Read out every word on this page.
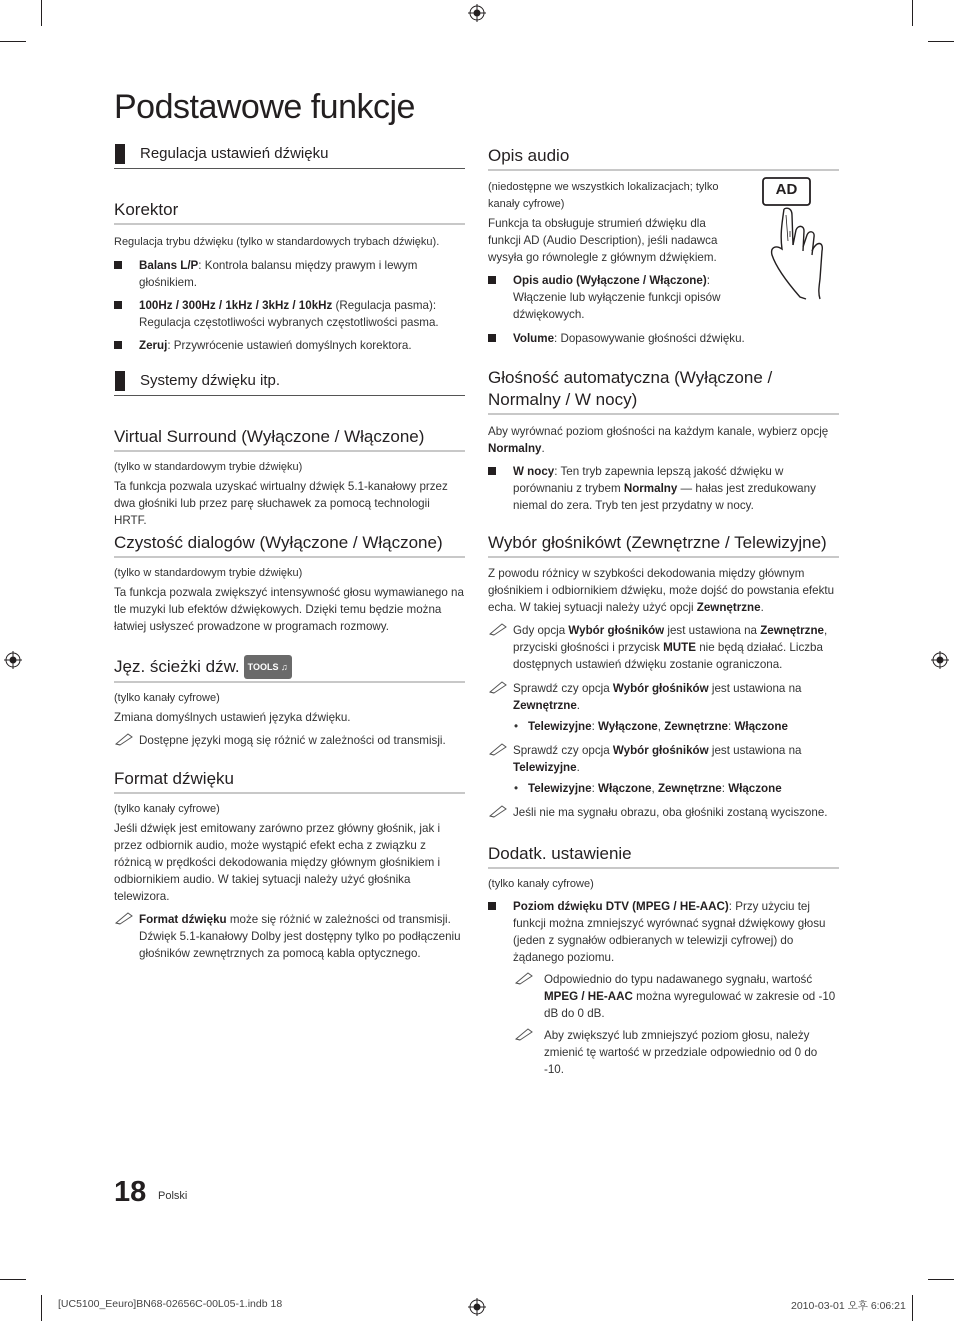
Podstawowe funkcje
Regulacja ustawień dźwięku
Korektor

Regulacja trybu dźwięku (tylko w standardowych trybach dźwięku).

Balans L/P: Kontrola balansu między prawym i lewym głośnikiem.
100Hz / 300Hz / 1kHz / 3kHz / 10kHz (Regulacja pasma): Regulacja częstotliwości wybranych częstotliwości pasma.
Zeruj: Przywrócenie ustawień domyślnych korektora.
Systemy dźwięku itp.
Virtual Surround (Wyłączone / Włączone)

(tylko w standardowym trybie dźwięku)

Ta funkcja pozwala uzyskać wirtualny dźwięk 5.1-kanałowy przez dwa głośniki lub przez parę słuchawek za pomocą technologii HRTF.

Czystość dialogów (Wyłączone / Włączone)

(tylko w standardowym trybie dźwięku)

Ta funkcja pozwala zwiększyć intensywność głosu wymawianego na tle muzyki lub efektów dźwiękowych. Dzięki temu będzie można łatwiej usłyszeć prowadzone w programach rozmowy.

Jęz. ścieżki dźw. TOOLS ♫

(tylko kanały cyfrowe)

Zmiana domyślnych ustawień języka dźwięku.

Dostępne języki mogą się różnić w zależności od transmisji.
Format dźwięku

(tylko kanały cyfrowe)

Jeśli dźwięk jest emitowany zarówno przez główny głośnik, jak i przez odbiornik audio, może wystąpić efekt echa z związku z różnicą w prędkości dekodowania między głównym głośnikiem i odbiornikiem audio. W takiej sytuacji należy użyć głośnika telewizora.

Format dźwięku może się różnić w zależności od transmisji. Dźwięk 5.1-kanałowy Dolby jest dostępny tylko po podłączeniu głośników zewnętrznych za pomocą kabla optycznego.
Opis audio

(niedostępne we wszystkich lokalizacjach; tylko kanały cyfrowe)

Funkcja ta obsługuje strumień dźwięku dla funkcji AD (Audio Description), jeśli nadawca wysyła go równolegle z głównym dźwiękiem.

Opis audio (Wyłączone / Włączone): Włączenie lub wyłączenie funkcji opisów dźwiękowych.
Volume: Dopasowywanie głośności dźwięku.
AD
Głośność automatyczna (Wyłączone / Normalny / W nocy)

Aby wyrównać poziom głośności na każdym kanale, wybierz opcję Normalny.

W nocy: Ten tryb zapewnia lepszą jakość dźwięku w porównaniu z trybem Normalny — hałas jest zredukowany niemal do zera. Tryb ten jest przydatny w nocy.
Wybór głośnikówt (Zewnętrzne / Telewizyjne)

Z powodu różnicy w szybkości dekodowania między głównym głośnikiem i odbiornikiem dźwięku, może dojść do powstania efektu echa. W takiej sytuacji należy użyć opcji Zewnętrzne.

Gdy opcja Wybór głośników jest ustawiona na Zewnętrzne, przyciski głośności i przycisk MUTE nie będą działać. Liczba dostępnych ustawień dźwięku zostanie ograniczona.
Sprawdź czy opcja Wybór głośników jest ustawiona na Zewnętrzne.
• Telewizyjne: Wyłączone, Zewnętrzne: Włączone
Sprawdź czy opcja Wybór głośników jest ustawiona na Telewizyjne.
• Telewizyjne: Włączone, Zewnętrzne: Włączone
Jeśli nie ma sygnału obrazu, oba głośniki zostaną wyciszone.
Dodatk. ustawienie

(tylko kanały cyfrowe)

Poziom dźwięku DTV (MPEG / HE-AAC): Przy użyciu tej funkcji można zmniejszyć wyrównać sygnał dźwiękowy głosu (jeden z sygnałów odbieranych w telewizji cyfrowej) do żądanego poziomu.
Odpowiednio do typu nadawanego sygnału, wartość MPEG / HE-AAC można wyregulować w zakresie od -10 dB do 0 dB.
Aby zwiększyć lub zmniejszyć poziom głosu, należy zmienić tę wartość w przedziale odpowiednio od 0 do -10.
18 Polski
[UC5100_Eeuro]BN68-02656C-00L05-1.indb 18	2010-03-01 오후 6:06:21
